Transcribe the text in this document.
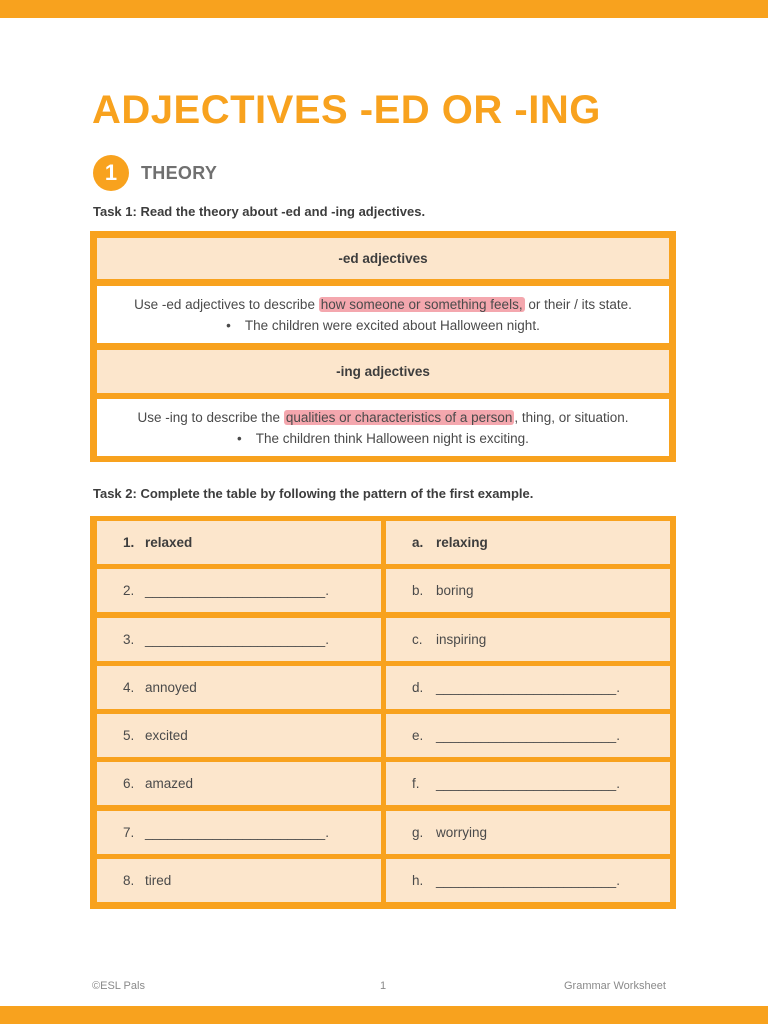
ADJECTIVES -ED OR -ING
1	THEORY
Task 1: Read the theory about -ed and -ing adjectives.
-ed adjectives
Use -ed adjectives to describe how someone or something feels, or their / its state.
• The children were excited about Halloween night.
-ing adjectives
Use -ing to describe the qualities or characteristics of a person , thing, or situation.
• The children think Halloween night is exciting.
Task 2: Complete the table by following the pattern of the first example.
1. relaxed	a. relaxing
2. ________________________.	b. boring
3. ________________________.	c. inspiring
4. annoyed	d. ________________________.
5. excited	e. ________________________.
6. amazed	f.	________________________.
7. ________________________.	g. worrying
8. tired	h. ________________________.
©ESL Pals	1	Grammar Worksheet
